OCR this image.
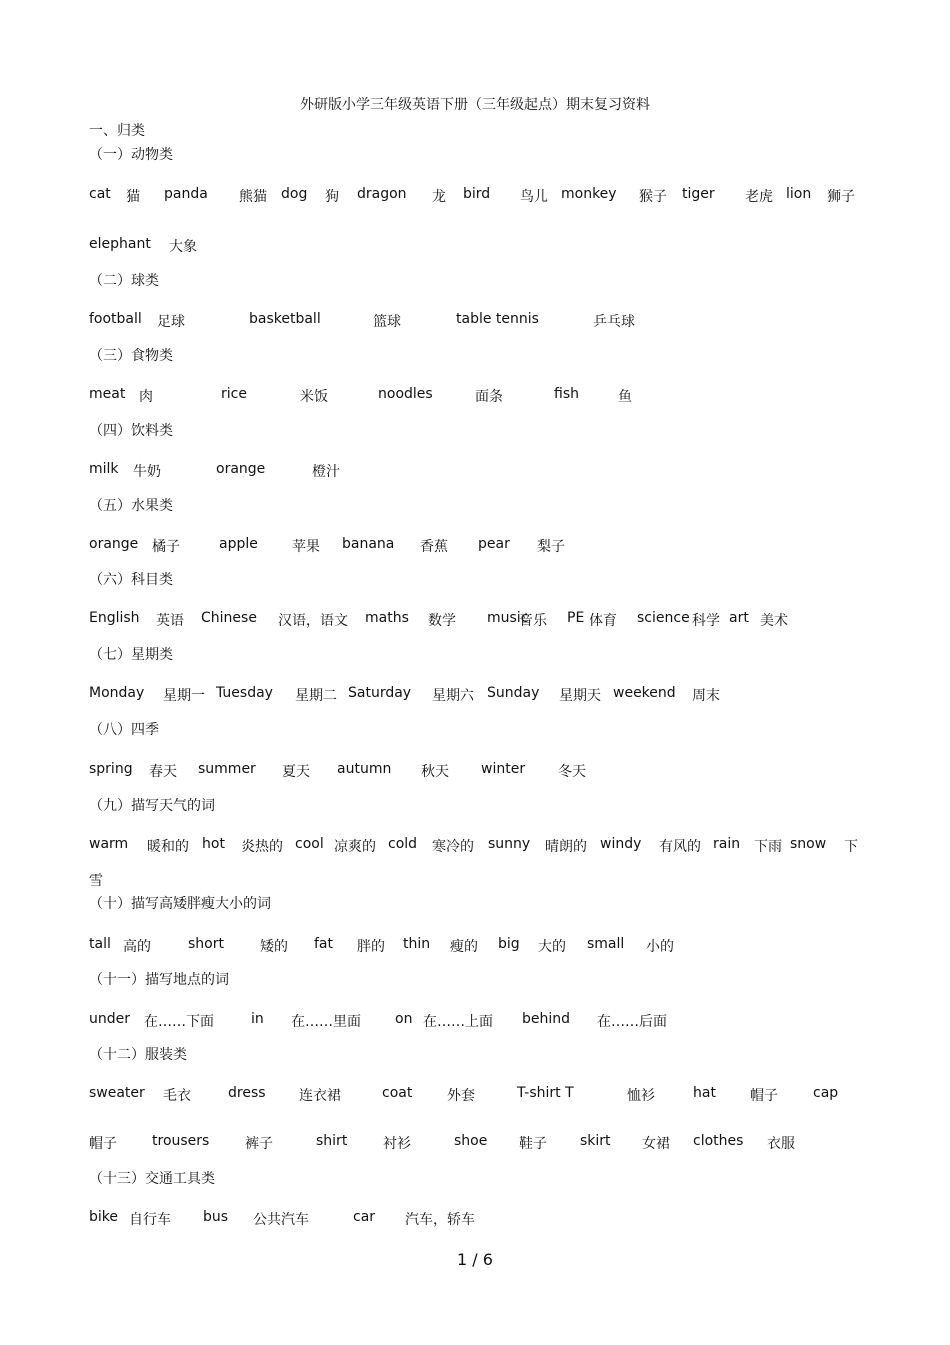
外研版小学三年级英语下册（三年级起点）期末复习资料
一、归类
（一）动物类
cat 猫 panda 熊猫 dog 狗 dragon 龙 bird 鸟儿 monkey 猴子 tiger 老虎 lion 狮子
elephant 大象
（二）球类
football 足球	basketball	篮球	table tennis	乒乓球
（三）食物类
meat 肉	rice	米饭	noodles	面条	fish	鱼
（四）饮料类
milk 牛奶	orange	橙汁
（五）水果类
orange 橘子	apple 苹果 banana 香蕉 pear 梨子
（六）科目类
English 英语 Chinese 汉语，语文 maths 数学 music
音乐 PE 体育 science 科学 art 美术
（七）星期类
Monday 星期一 Tuesday 星期二 Saturday 星期六 Sunday 星期天 weekend 周末
（八）四季
spring 春天 summer 夏天 autumn 秋天 winter 冬天
（九）描写天气的词
warm 暖和的 hot 炎热的 cool 凉爽的 cold 寒冷的 sunny 晴朗的 windy 有风的 rain 下雨 snow 下
雪
（十）描写高矮胖瘦大小的词
tall 高的	short	矮的 fat 胖的 thin 瘦的 big 大的 small 小的
（十一）描写地点的词
under 在……下面	in 在……里面 on 在……上面 behind 在……后面
（十二）服装类
sweater 毛衣	dress 连衣裙	coat 外套	T-shirt T	恤衫	hat 帽子	cap
帽子	trousers	裤子	shirt	衬衫	shoe 鞋子 skirt 女裙 clothes 衣服
（十三）交通工具类
bike 自行车 bus 公共汽车	car 汽车，轿车
1 / 6
